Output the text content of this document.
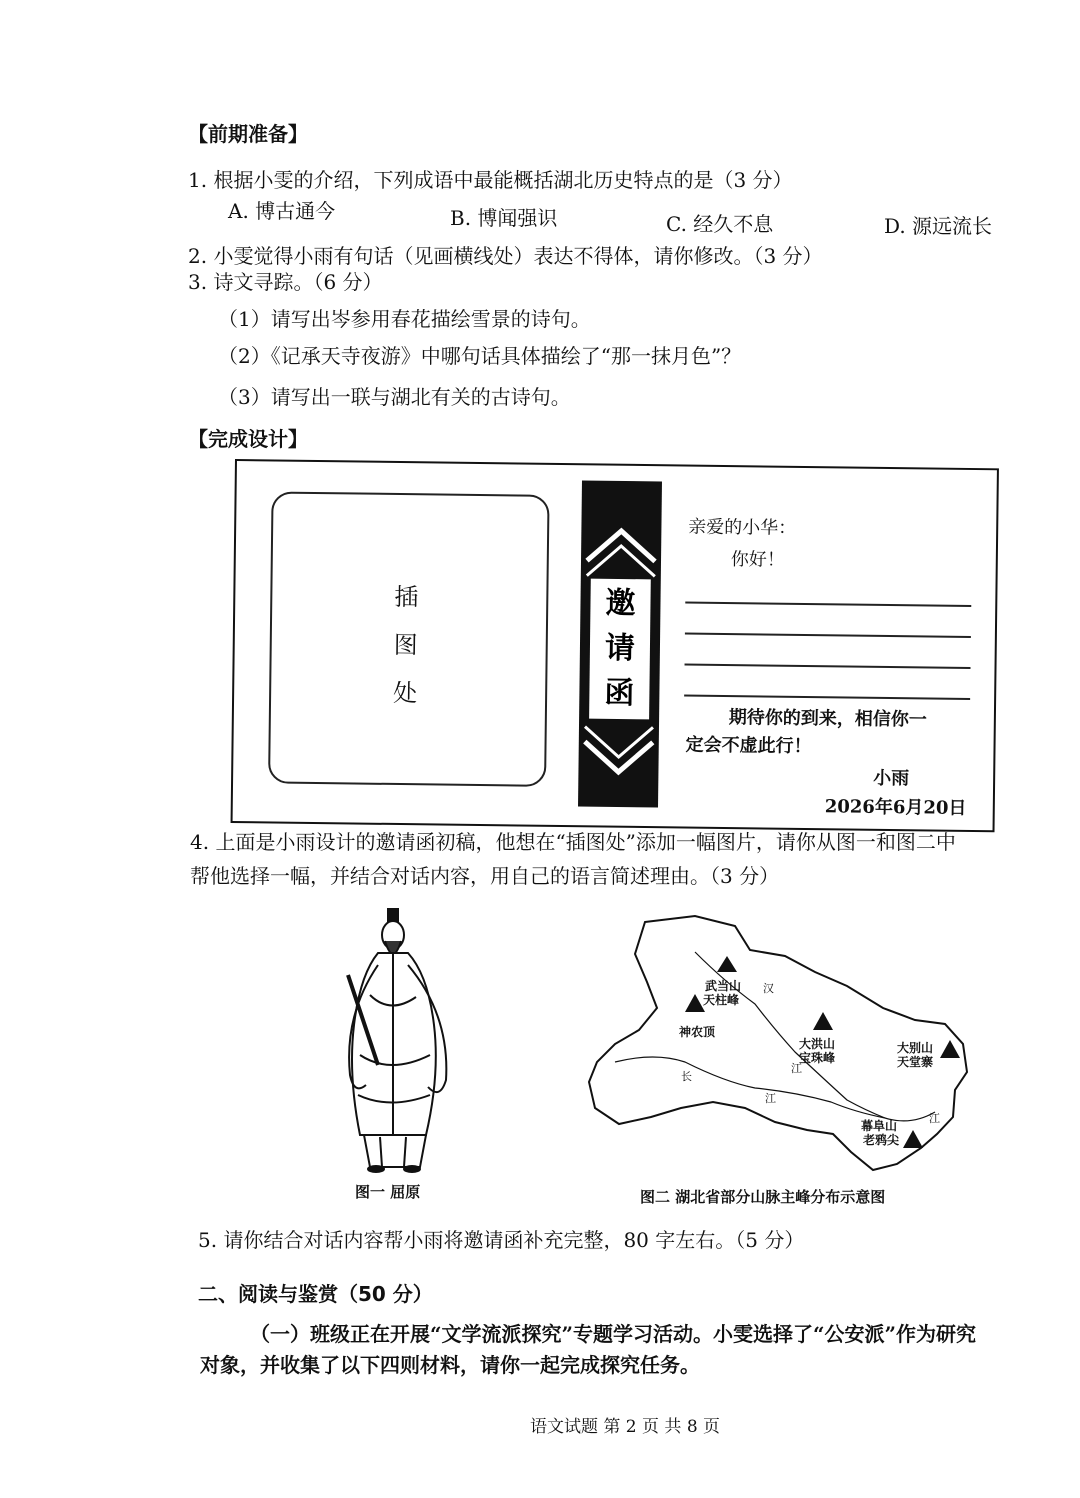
【前期准备】
1. 根据小雯的介绍，下列成语中最能概括湖北历史特点的是（3 分）
A. 博古通今	B. 博闻强识	C. 经久不息	D. 源远流长
2. 小雯觉得小雨有句话（见画横线处）表达不得体，请你修改。（3 分）
3. 诗文寻踪。（6 分）
（1）请写出岑参用春花描绘雪景的诗句。
（2）《记承天寺夜游》中哪句话具体描绘了“那一抹月色”？
（3）请写出一联与湖北有关的古诗句。
【完成设计】
插
图
处
亲爱的小华：
你好！
期待你的到来，相信你一
定会不虚此行！
小雨
2026年6月20日
邀
请
函
4. 上面是小雨设计的邀请函初稿，他想在“插图处”添加一幅图片，请你从图一和图二中
帮他选择一幅，并结合对话内容，用自己的语言简述理由。（3 分）
图一 屈原
武当山
天柱峰
神农顶
大洪山
宝珠峰
大别山
天堂寨
幕阜山
老鸦尖
汉
江
长
江
江
图二 湖北省部分山脉主峰分布示意图
5. 请你结合对话内容帮小雨将邀请函补充完整，80 字左右。（5 分）
二、阅读与鉴赏（50 分）
（一）班级正在开展“文学流派探究”专题学习活动。小雯选择了“公安派”作为研究
对象，并收集了以下四则材料，请你一起完成探究任务。
语文试题 第 2 页 共 8 页
